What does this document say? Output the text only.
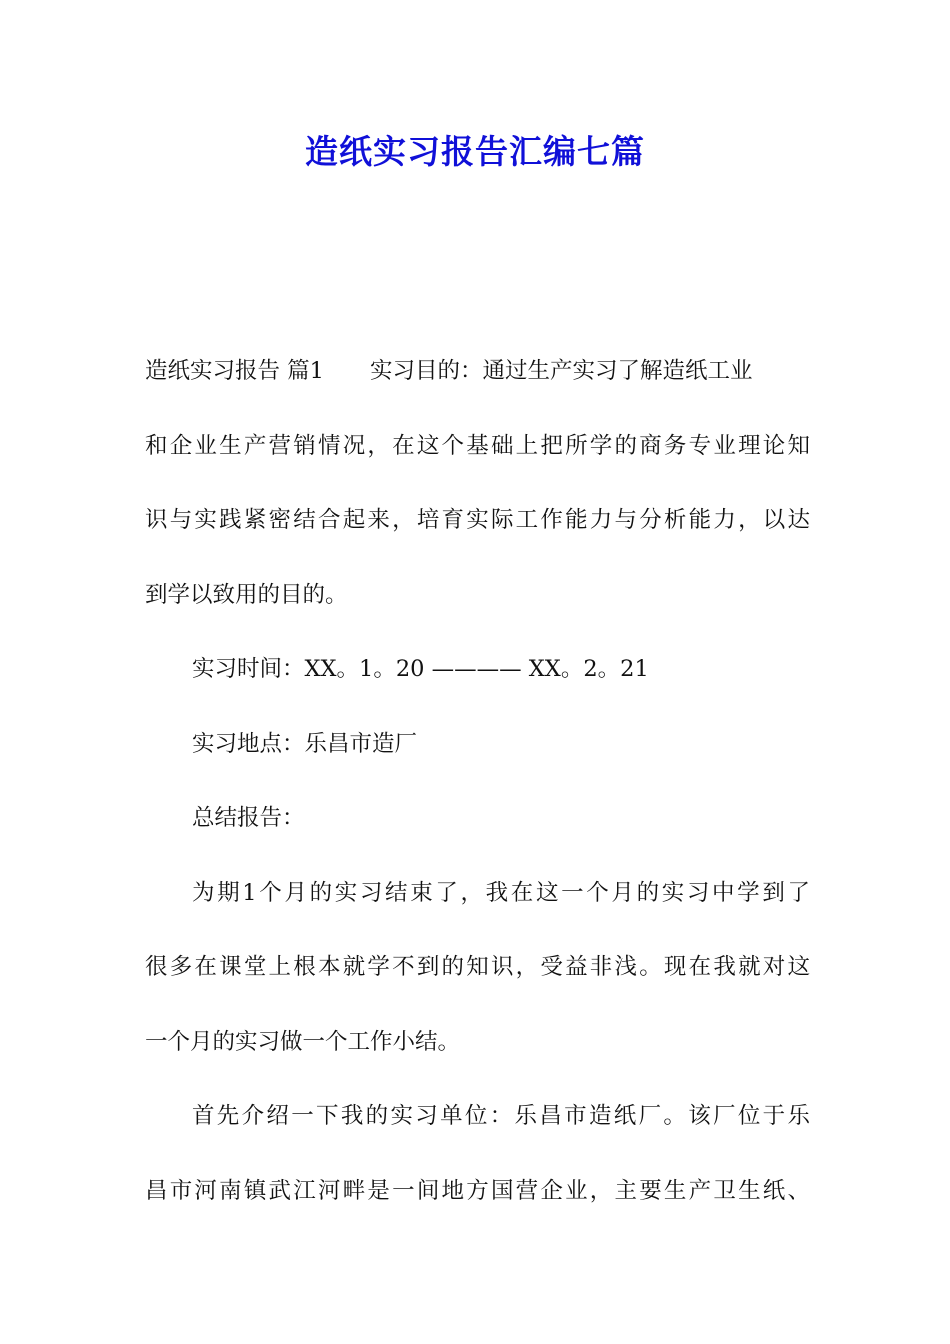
造纸实习报告汇编七篇
造纸实习报告 篇1 实习目的：通过生产实习了解造纸工业
和企业生产营销情况，在这个基础上把所学的商务专业理论知
识与实践紧密结合起来，培育实际工作能力与分析能力，以达
到学以致用的目的。
实习时间：XX。1。20 ———— XX。2。21
实习地点：乐昌市造厂
总结报告：
为期1个月的实习结束了，我在这一个月的实习中学到了
很多在课堂上根本就学不到的知识，受益非浅。现在我就对这
一个月的实习做一个工作小结。
首先介绍一下我的实习单位：乐昌市造纸厂。该厂位于乐
昌市河南镇武江河畔是一间地方国营企业，主要生产卫生纸、
